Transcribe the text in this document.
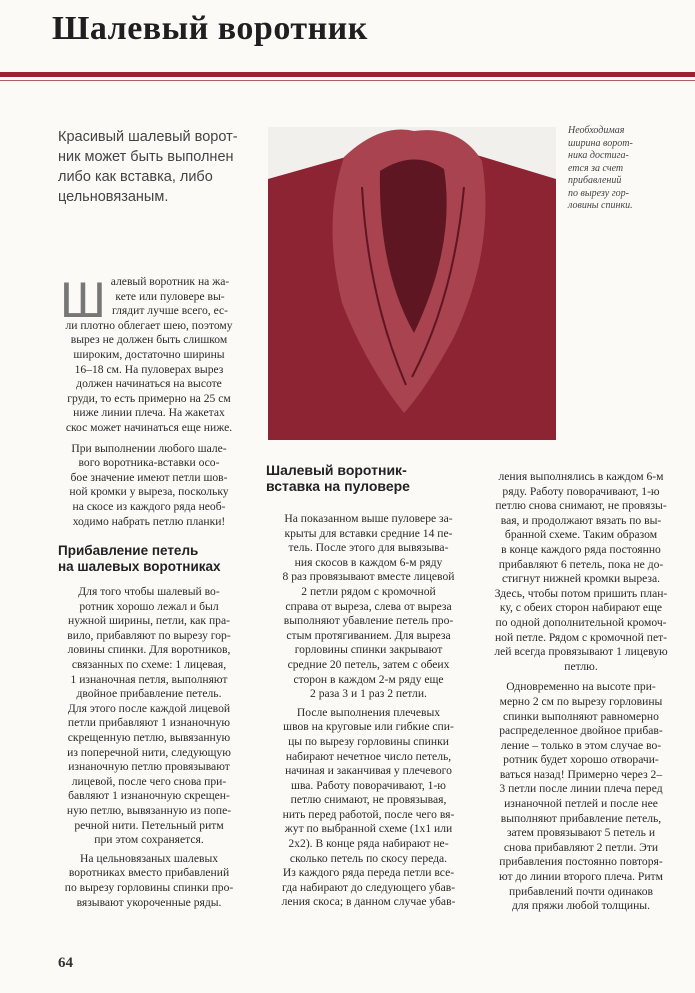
Шалевый воротник
Красивый шалевый ворот-
ник может быть выполнен
либо как вставка, либо
цельновязаным.
Необходимая
ширина ворот-
ника достига-
ется за счет
прибавлений
по вырезу гор-
ловины спинки.
Ш алевый воротник на жа-

кете или пуловере вы-

глядит лучше всего, ес-

ли плотно облегает шею, поэтому

вырез не должен быть слишком

широким, достаточно ширины

16–18 см. На пуловерах вырез

должен начинаться на высоте

груди, то есть примерно на 25 см

ниже линии плеча. На жакетах

скос может начинаться еще ниже.

При выполнении любого шале-

вого воротника-вставки осо-

бое значение имеют петли шов-

ной кромки у выреза, поскольку

на скосе из каждого ряда необ-

ходимо набрать петлю планки!

Прибавление петель
на шалевых воротниках

Для того чтобы шалевый во-

ротник хорошо лежал и был

нужной ширины, петли, как пра-

вило, прибавляют по вырезу гор-

ловины спинки. Для воротников,

связанных по схеме: 1 лицевая,

1 изнаночная петля, выполняют

двойное прибавление петель.

Для этого после каждой лицевой

петли прибавляют 1 изнаночную

скрещенную петлю, вывязанную

из поперечной нити, следующую

изнаночную петлю провязывают

лицевой, после чего снова при-

бавляют 1 изнаночную скрещен-

ную петлю, вывязанную из попе-

речной нити. Петельный ритм

при этом сохраняется.

На цельновязаных шалевых

воротниках вместо прибавлений

по вырезу горловины спинки про-

вязывают укороченные ряды.

Шалевый воротник-
вставка на пуловере

На показанном выше пуловере за-

крыты для вставки средние 14 пе-

тель. После этого для вывязыва-

ния скосов в каждом 6-м ряду

8 раз провязывают вместе лицевой

2 петли рядом с кромочной

справа от выреза, слева от выреза

выполняют убавление петель про-

стым протягиванием. Для выреза

горловины спинки закрывают

средние 20 петель, затем с обеих

сторон в каждом 2-м ряду еще

2 раза 3 и 1 раз 2 петли.

После выполнения плечевых

швов на круговые или гибкие спи-

цы по вырезу горловины спинки

набирают нечетное число петель,

начиная и заканчивая у плечевого

шва. Работу поворачивают, 1-ю

петлю снимают, не провязывая,

нить перед работой, после чего вя-

жут по выбранной схеме (1х1 или

2х2). В конце ряда набирают не-

сколько петель по скосу переда.

Из каждого ряда переда петли все-

гда набирают до следующего убав-

ления скоса; в данном случае убав-

ления выполнялись в каждом 6-м

ряду. Работу поворачивают, 1-ю

петлю снова снимают, не провязы-

вая, и продолжают вязать по вы-

бранной схеме. Таким образом

в конце каждого ряда постоянно

прибавляют 6 петель, пока не до-

стигнут нижней кромки выреза.

Здесь, чтобы потом пришить план-

ку, с обеих сторон набирают еще

по одной дополнительной кромоч-

ной петле. Рядом с кромочной пет-

лей всегда провязывают 1 лицевую

петлю.

Одновременно на высоте при-

мерно 2 см по вырезу горловины

спинки выполняют равномерно

распределенное двойное прибав-

ление – только в этом случае во-

ротник будет хорошо отворачи-

ваться назад! Примерно через 2–

3 петли после линии плеча перед

изнаночной петлей и после нее

выполняют прибавление петель,

затем провязывают 5 петель и

снова прибавляют 2 петли. Эти

прибавления постоянно повторя-

ют до линии второго плеча. Ритм

прибавлений почти одинаков

для пряжи любой толщины.

64
